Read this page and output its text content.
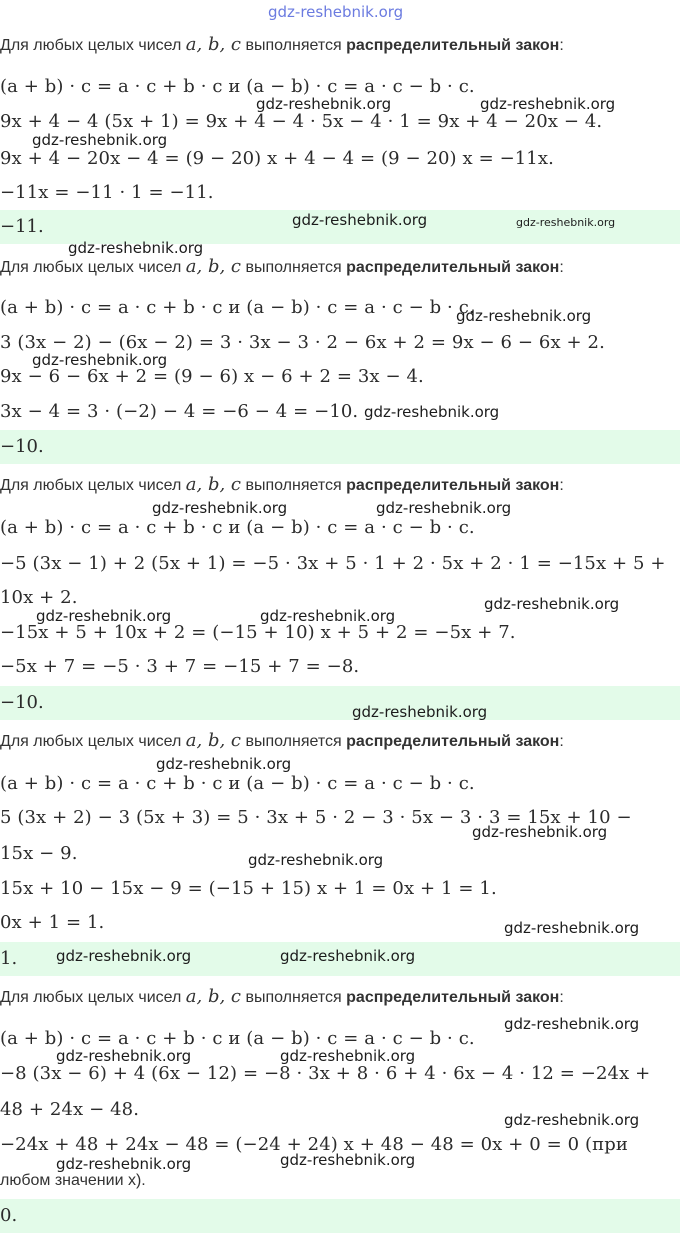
gdz-reshebnik.org
Для любых целых чисел a, b, c выполняется распределительный закон:
(a + b) · c = a · c + b · c и (a − b) · c = a · c − b · c.
9x + 4 − 4 (5x + 1) = 9x + 4 − 4 · 5x − 4 · 1 = 9x + 4 − 20x − 4.
9x + 4 − 20x − 4 = (9 − 20) x + 4 − 4 = (9 − 20) x = −11x.
−11x = −11 · 1 = −11.
−11.
Для любых целых чисел a, b, c выполняется распределительный закон:
(a + b) · c = a · c + b · c и (a − b) · c = a · c − b · c.
3 (3x − 2) − (6x − 2) = 3 · 3x − 3 · 2 − 6x + 2 = 9x − 6 − 6x + 2.
9x − 6 − 6x + 2 = (9 − 6) x − 6 + 2 = 3x − 4.
3x − 4 = 3 · (−2) − 4 = −6 − 4 = −10.
−10.
Для любых целых чисел a, b, c выполняется распределительный закон:
(a + b) · c = a · c + b · c и (a − b) · c = a · c − b · c.
−5 (3x − 1) + 2 (5x + 1) = −5 · 3x + 5 · 1 + 2 · 5x + 2 · 1 = −15x + 5 +
10x + 2.
−15x + 5 + 10x + 2 = (−15 + 10) x + 5 + 2 = −5x + 7.
−5x + 7 = −5 · 3 + 7 = −15 + 7 = −8.
−10.
Для любых целых чисел a, b, c выполняется распределительный закон:
(a + b) · c = a · c + b · c и (a − b) · c = a · c − b · c.
5 (3x + 2) − 3 (5x + 3) = 5 · 3x + 5 · 2 − 3 · 5x − 3 · 3 = 15x + 10 −
15x − 9.
15x + 10 − 15x − 9 = (−15 + 15) x + 1 = 0x + 1 = 1.
0x + 1 = 1.
1.
Для любых целых чисел a, b, c выполняется распределительный закон:
(a + b) · c = a · c + b · c и (a − b) · c = a · c − b · c.
−8 (3x − 6) + 4 (6x − 12) = −8 · 3x + 8 · 6 + 4 · 6x − 4 · 12 = −24x +
48 + 24x − 48.
−24x + 48 + 24x − 48 = (−24 + 24) x + 48 − 48 = 0x + 0 = 0 (при
любом значении x).
0.
gdz-reshebnik.org	gdz-reshebnik.org
gdz-reshebnik.org
gdz-reshebnik.org	gdz-reshebnik.org
gdz-reshebnik.org
gdz-reshebnik.org
gdz-reshebnik.org
gdz-reshebnik.org
gdz-reshebnik.org	gdz-reshebnik.org
gdz-reshebnik.org
gdz-reshebnik.org	gdz-reshebnik.org
gdz-reshebnik.org
gdz-reshebnik.org
gdz-reshebnik.org
gdz-reshebnik.org
gdz-reshebnik.org
gdz-reshebnik.org	gdz-reshebnik.org
gdz-reshebnik.org
gdz-reshebnik.org	gdz-reshebnik.org
gdz-reshebnik.org
gdz-reshebnik.org	gdz-reshebnik.org
